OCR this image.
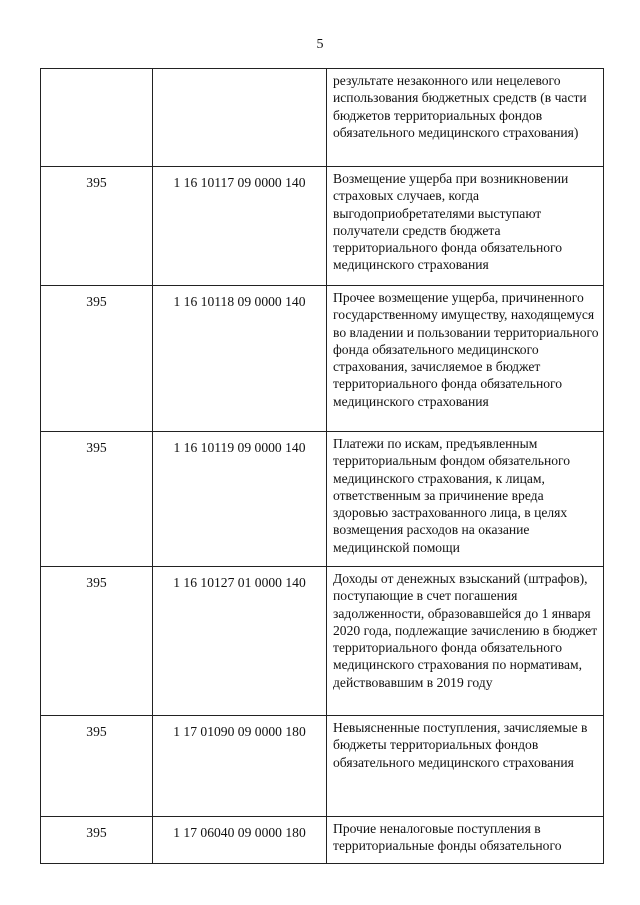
5
		результате незаконного или нецелевого использования бюджетных средств (в части бюджетов территориальных фондов обязательного медицинского страхования)
395	1 16 10117 09 0000 140	Возмещение ущерба при возникновении страховых случаев, когда выгодоприобретателями выступают получатели средств бюджета территориального фонда обязательного медицинского страхования
395	1 16 10118 09 0000 140	Прочее возмещение ущерба, причиненного государственному имуществу, находящемуся во владении и пользовании территориального фонда обязательного медицинского страхования, зачисляемое в бюджет территориального фонда обязательного медицинского страхования
395	1 16 10119 09 0000 140	Платежи по искам, предъявленным территориальным фондом обязательного медицинского страхования, к лицам, ответственным за причинение вреда здоровью застрахованного лица, в целях возмещения расходов на оказание медицинской помощи
395	1 16 10127 01 0000 140	Доходы от денежных взысканий (штрафов), поступающие в счет погашения задолженности, образовавшейся до 1 января 2020 года, подлежащие зачислению в бюджет территориального фонда обязательного медицинского страхования по нормативам, действовавшим в 2019 году
395	1 17 01090 09 0000 180	Невыясненные поступления, зачисляемые в бюджеты территориальных фондов обязательного медицинского страхования
395	1 17 06040 09 0000 180	Прочие неналоговые поступления в территориальные фонды обязательного
